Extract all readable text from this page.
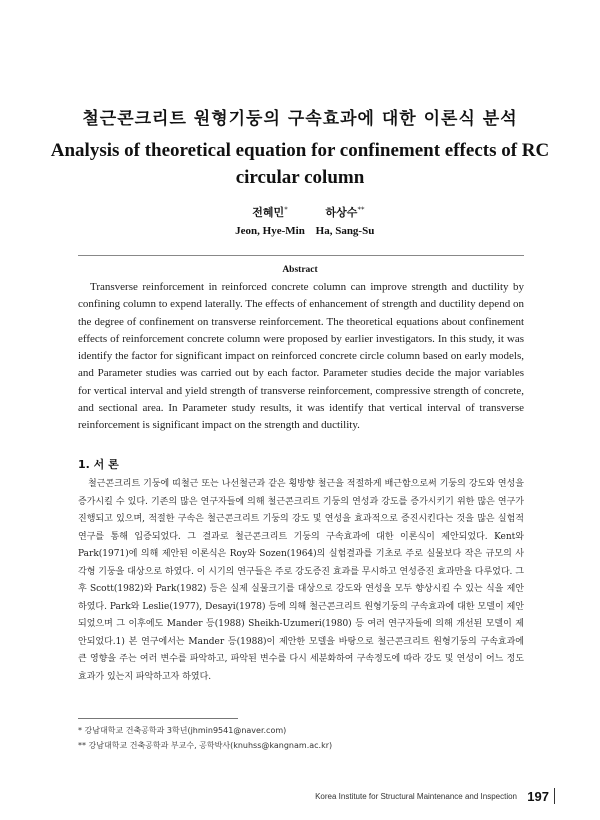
철근콘크리트 원형기둥의 구속효과에 대한 이론식 분석
Analysis of theoretical equation for confinement effects of RC circular column
전혜민*
Jeon, Hye-Min
하상수**
Ha, Sang-Su
Abstract

Transverse reinforcement in reinforced concrete column can improve strength and ductility by confining column to expend laterally. The effects of enhancement of strength and ductility depend on the degree of confinement on transverse reinforcement. The theoretical equations about confinement effects of reinforcement concrete column were proposed by earlier investigators. In this study, it was identify the factor for significant impact on reinforced concrete circle column based on early models, and Parameter studies was carried out by each factor. Parameter studies decide the major variables for vertical interval and yield strength of transverse reinforcement, compressive strength of concrete, and sectional area. In Parameter study results, it was identify that vertical interval of transverse reinforcement is significant impact on the strength and ductility.

1. 서 론

철근콘크리트 기둥에 띠철근 또는 나선철근과 같은 횡방향 철근을 적절하게 배근함으로써 기둥의 강도와 연성을 증가시킬 수 있다. 기존의 많은 연구자들에 의해 철근콘크리트 기둥의 연성과 강도를 증가시키기 위한 많은 연구가 진행되고 있으며, 적절한 구속은 철근콘크리트 기둥의 강도 및 연성을 효과적으로 증진시킨다는 것을 많은 실험적 연구를 통해 입증되었다. 그 결과로 철근콘크리트 기둥의 구속효과에 대한 이론식이 제안되었다. Kent와 Park(1971)에 의해 제안된 이론식은 Roy와 Sozen(1964)의 실험결과를 기초로 주로 실물보다 작은 규모의 사각형 기둥을 대상으로 하였다. 이 시기의 연구들은 주로 강도증진 효과를 무시하고 연성증진 효과만을 다루었다. 그 후 Scott(1982)와 Park(1982) 등은 실제 실물크기를 대상으로 강도와 연성을 모두 향상시킬 수 있는 식을 제안하였다. Park와 Leslie(1977), Desayi(1978) 등에 의해 철근콘크리트 원형기둥의 구속효과에 대한 모델이 제안되었으며 그 이후에도 Mander 등(1988) Sheikh-Uzumeri(1980) 등 여러 연구자들에 의해 개선된 모델이 제안되었다.1) 본 연구에서는 Mander 등(1988)이 제안한 모델을 바탕으로 철근콘크리트 원형기둥의 구속효과에 큰 영향을 주는 여러 변수를 파악하고, 파악된 변수를 다시 세분화하여 구속정도에 따라 강도 및 연성이 어느 정도 효과가 있는지 파악하고자 하였다.

* 강남대학교 건축공학과 3학년(jhmin9541@naver.com)
** 강남대학교 건축공학과 부교수, 공학박사(knuhss@kangnam.ac.kr)
Korea Institute for Structural Maintenance and Inspection 197
